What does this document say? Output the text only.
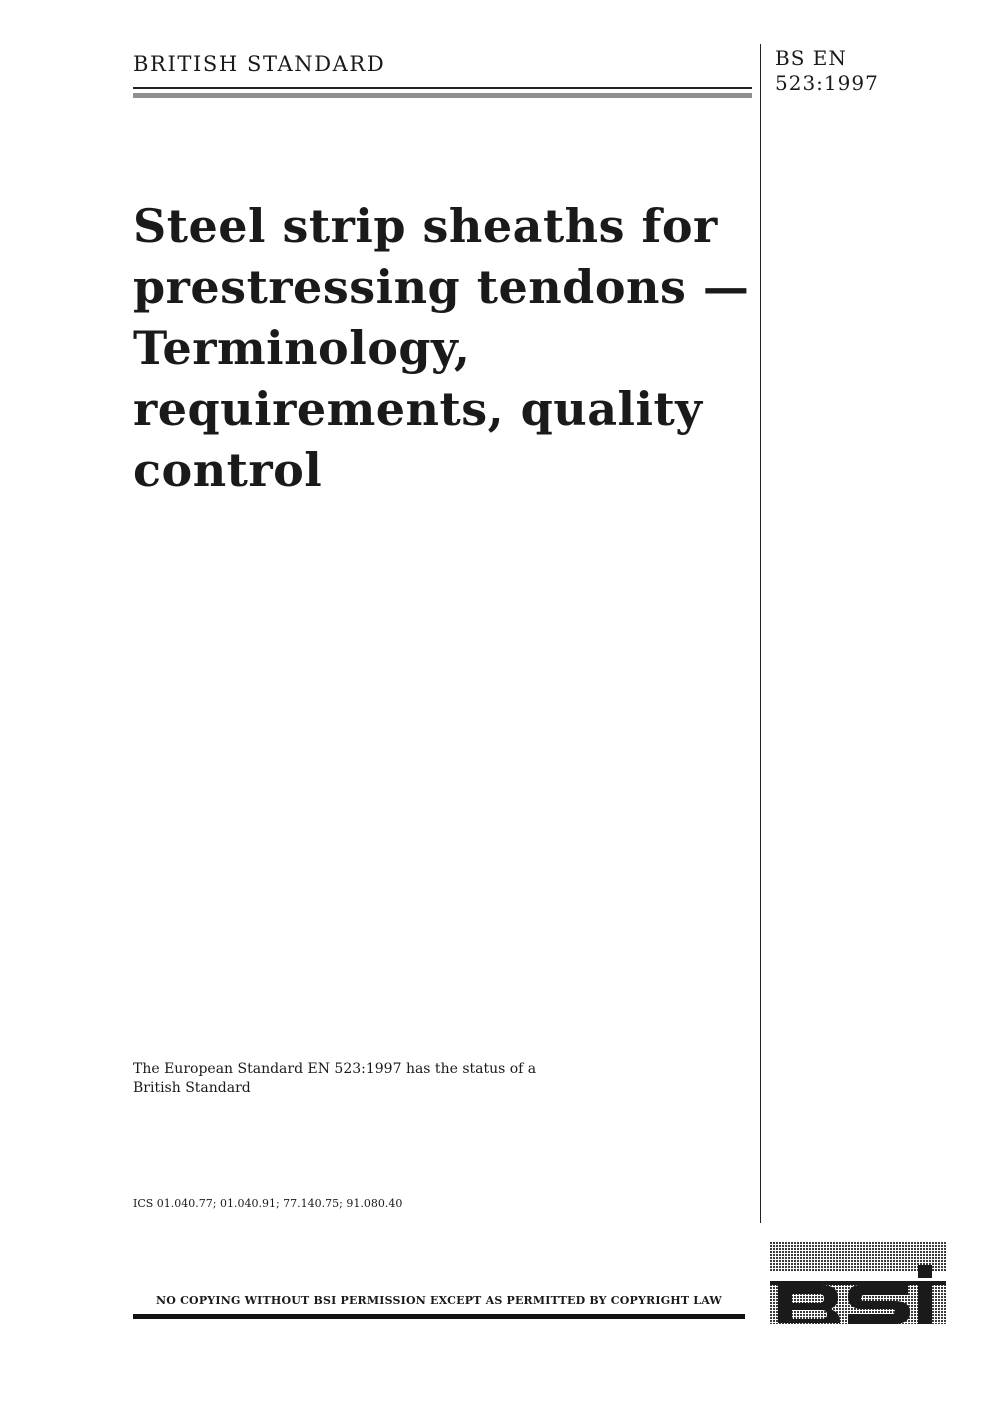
BRITISH STANDARD	BS EN
523:1997
Steel strip sheaths for
prestressing tendons —
Terminology,
requirements, quality
control
The European Standard EN 523:1997 has the status of a
British Standard
ICS 01.040.77; 01.040.91; 77.140.75; 91.080.40
NO COPYING WITHOUT BSI PERMISSION EXCEPT AS PERMITTED BY COPYRIGHT LAW
